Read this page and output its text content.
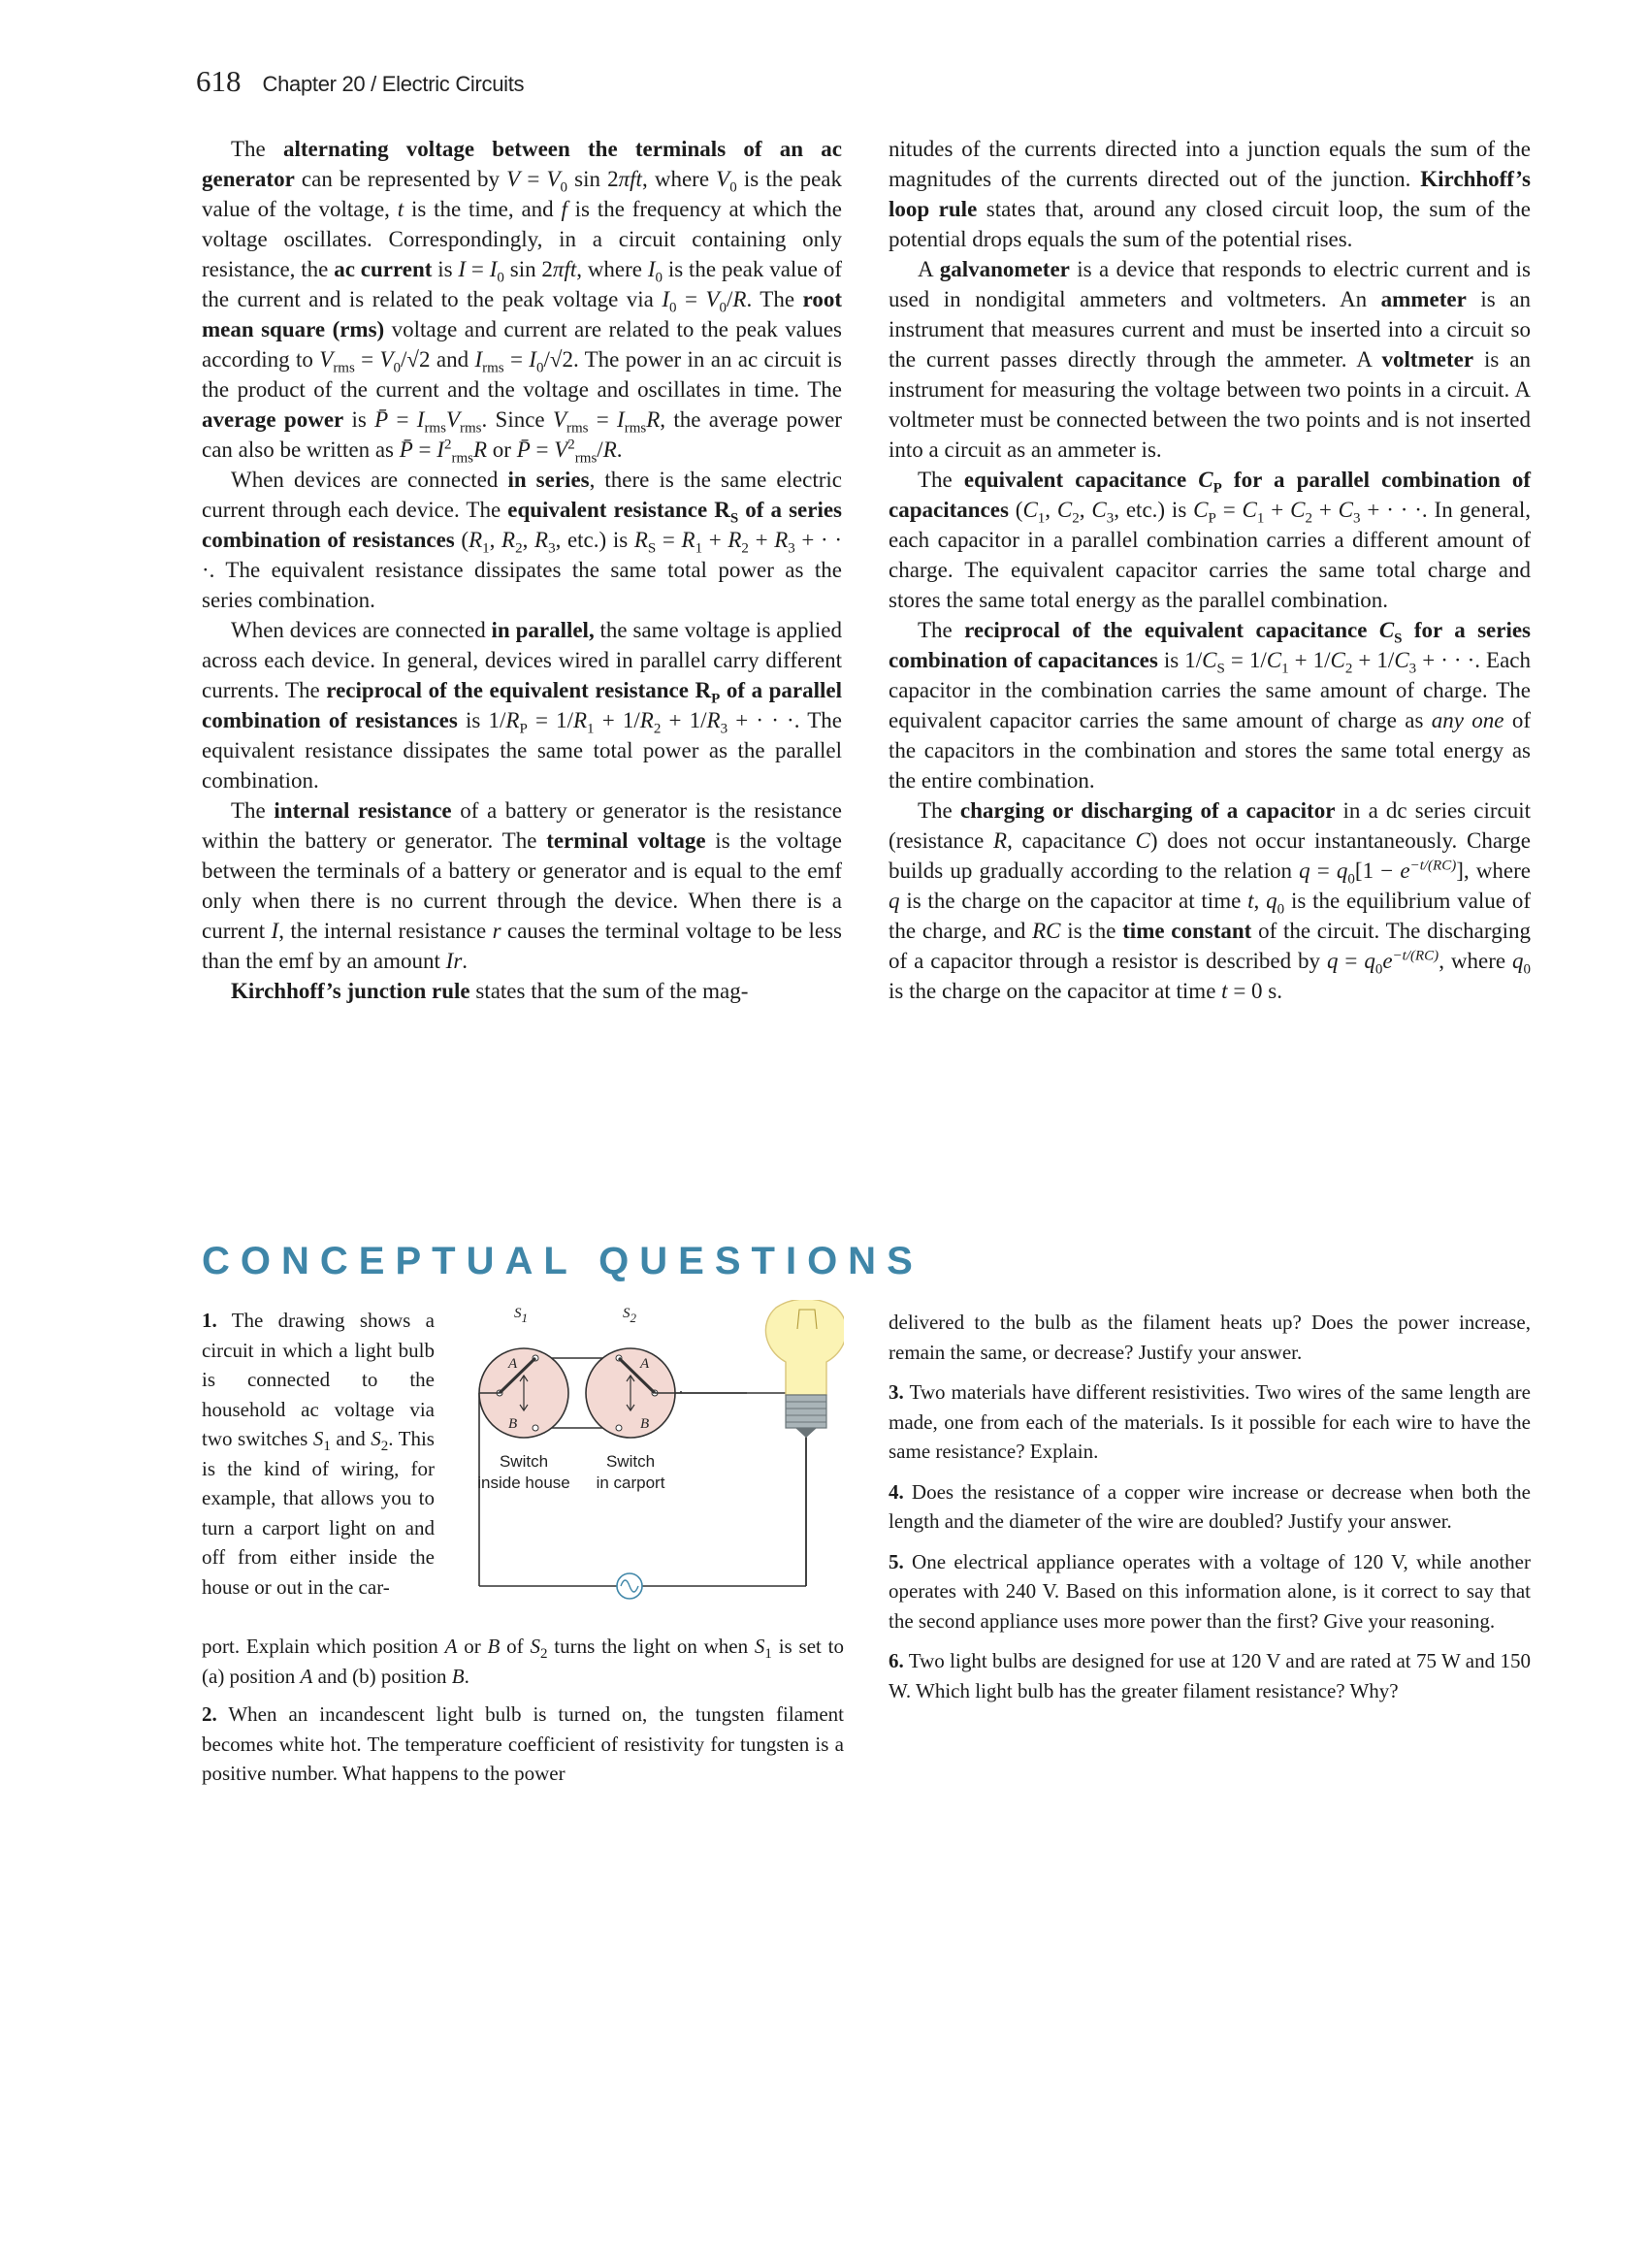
618 Chapter 20 / Electric Circuits

The alternating voltage between the terminals of an ac generator can be represented by $V = V_0$ sin 2πft, where $V_0$ is the peak value of the voltage, t is the time, and f is the frequency at which the voltage oscillates. Correspondingly, in a circuit containing only resistance, the ac current is $I = I_0$ sin 2πft, where $I_0$ is the peak value of the current and is related to the peak voltage via $I_0 = V_0/R$. The root mean square (rms) voltage and current are related to the peak values according to $V_{rms} = V_0/√2$ and $I_{rms} = I_0/√2$. The power in an ac circuit is the product of the current and the voltage and oscillates in time. The average power is P̄ = $I_{rms}V_{rms}$. Since $V_{rms} = I_{rms}R$, the average power can also be written as P̄ = $I^2_{rms}R$ or P̄ = $V^2_{rms}/R$.

When devices are connected in series, there is the same electric current through each device. The equivalent resistance $R_S$ of a series combination of resistances ($R_1$, $R_2$, $R_3$, etc.) is $R_S = R_1 + R_2 + R_3$ + · · ·. The equivalent resistance dissipates the same total power as the series combination.

When devices are connected in parallel, the same voltage is applied across each device. In general, devices wired in parallel carry different currents. The reciprocal of the equivalent resistance $R_P$ of a parallel combination of resistances is $1/R_P = 1/R_1 + 1/R_2 + 1/R_3$ + · · ·. The equivalent resistance dissipates the same total power as the parallel combination.

The internal resistance of a battery or generator is the resistance within the battery or generator. The terminal voltage is the voltage between the terminals of a battery or generator and is equal to the emf only when there is no current through the device. When there is a current I, the internal resistance r causes the terminal voltage to be less than the emf by an amount Ir.

Kirchhoff’s junction rule states that the sum of the mag-

nitudes of the currents directed into a junction equals the sum of the magnitudes of the currents directed out of the junction. Kirchhoff’s loop rule states that, around any closed circuit loop, the sum of the potential drops equals the sum of the potential rises.

A galvanometer is a device that responds to electric current and is used in nondigital ammeters and voltmeters. An ammeter is an instrument that measures current and must be inserted into a circuit so the current passes directly through the ammeter. A voltmeter is an instrument for measuring the voltage between two points in a circuit. A voltmeter must be connected between the two points and is not inserted into a circuit as an ammeter is.

The equivalent capacitance $C_P$ for a parallel combination of capacitances ($C_1$, $C_2$, $C_3$, etc.) is $C_P = C_1 + C_2 + C_3$ + · · ·. In general, each capacitor in a parallel combination carries a different amount of charge. The equivalent capacitor carries the same total charge and stores the same total energy as the parallel combination.

The reciprocal of the equivalent capacitance $C_S$ for a series combination of capacitances is $1/C_S = 1/C_1 + 1/C_2 + 1/C_3$ + · · ·. Each capacitor in the combination carries the same amount of charge. The equivalent capacitor carries the same amount of charge as any one of the capacitors in the combination and stores the same total energy as the entire combination.

The charging or discharging of a capacitor in a dc series circuit (resistance R, capacitance C) does not occur instantaneously. Charge builds up gradually according to the relation $q = q_0[1 - e^{-t/(RC)}]$, where q is the charge on the capacitor at time t, $q_0$ is the equilibrium value of the charge, and RC is the time constant of the circuit. The discharging of a capacitor through a resistor is described by $q = q_0e^{-t/(RC)}$, where $q_0$ is the charge on the capacitor at time t = 0 s.

CONCEPTUAL QUESTIONS
1. The drawing shows a circuit in which a light bulb is connected to the household ac voltage via two switches $S_1$ and $S_2$. This is the kind of wiring, for example, that allows you to turn a carport light on and off from either inside the house or out in the car-
A
B
A
B
S1	S2
Switch inside house
Switch in carport
port. Explain which position A or B of $S_2$ turns the light on when $S_1$ is set to (a) position A and (b) position B.
2. When an incandescent light bulb is turned on, the tungsten filament becomes white hot. The temperature coefficient of resistivity for tungsten is a positive number. What happens to the power
delivered to the bulb as the filament heats up? Does the power increase, remain the same, or decrease? Justify your answer.
3. Two materials have different resistivities. Two wires of the same length are made, one from each of the materials. Is it possible for each wire to have the same resistance? Explain.
4. Does the resistance of a copper wire increase or decrease when both the length and the diameter of the wire are doubled? Justify your answer.
5. One electrical appliance operates with a voltage of 120 V, while another operates with 240 V. Based on this information alone, is it correct to say that the second appliance uses more power than the first? Give your reasoning.
6. Two light bulbs are designed for use at 120 V and are rated at 75 W and 150 W. Which light bulb has the greater filament resistance? Why?
